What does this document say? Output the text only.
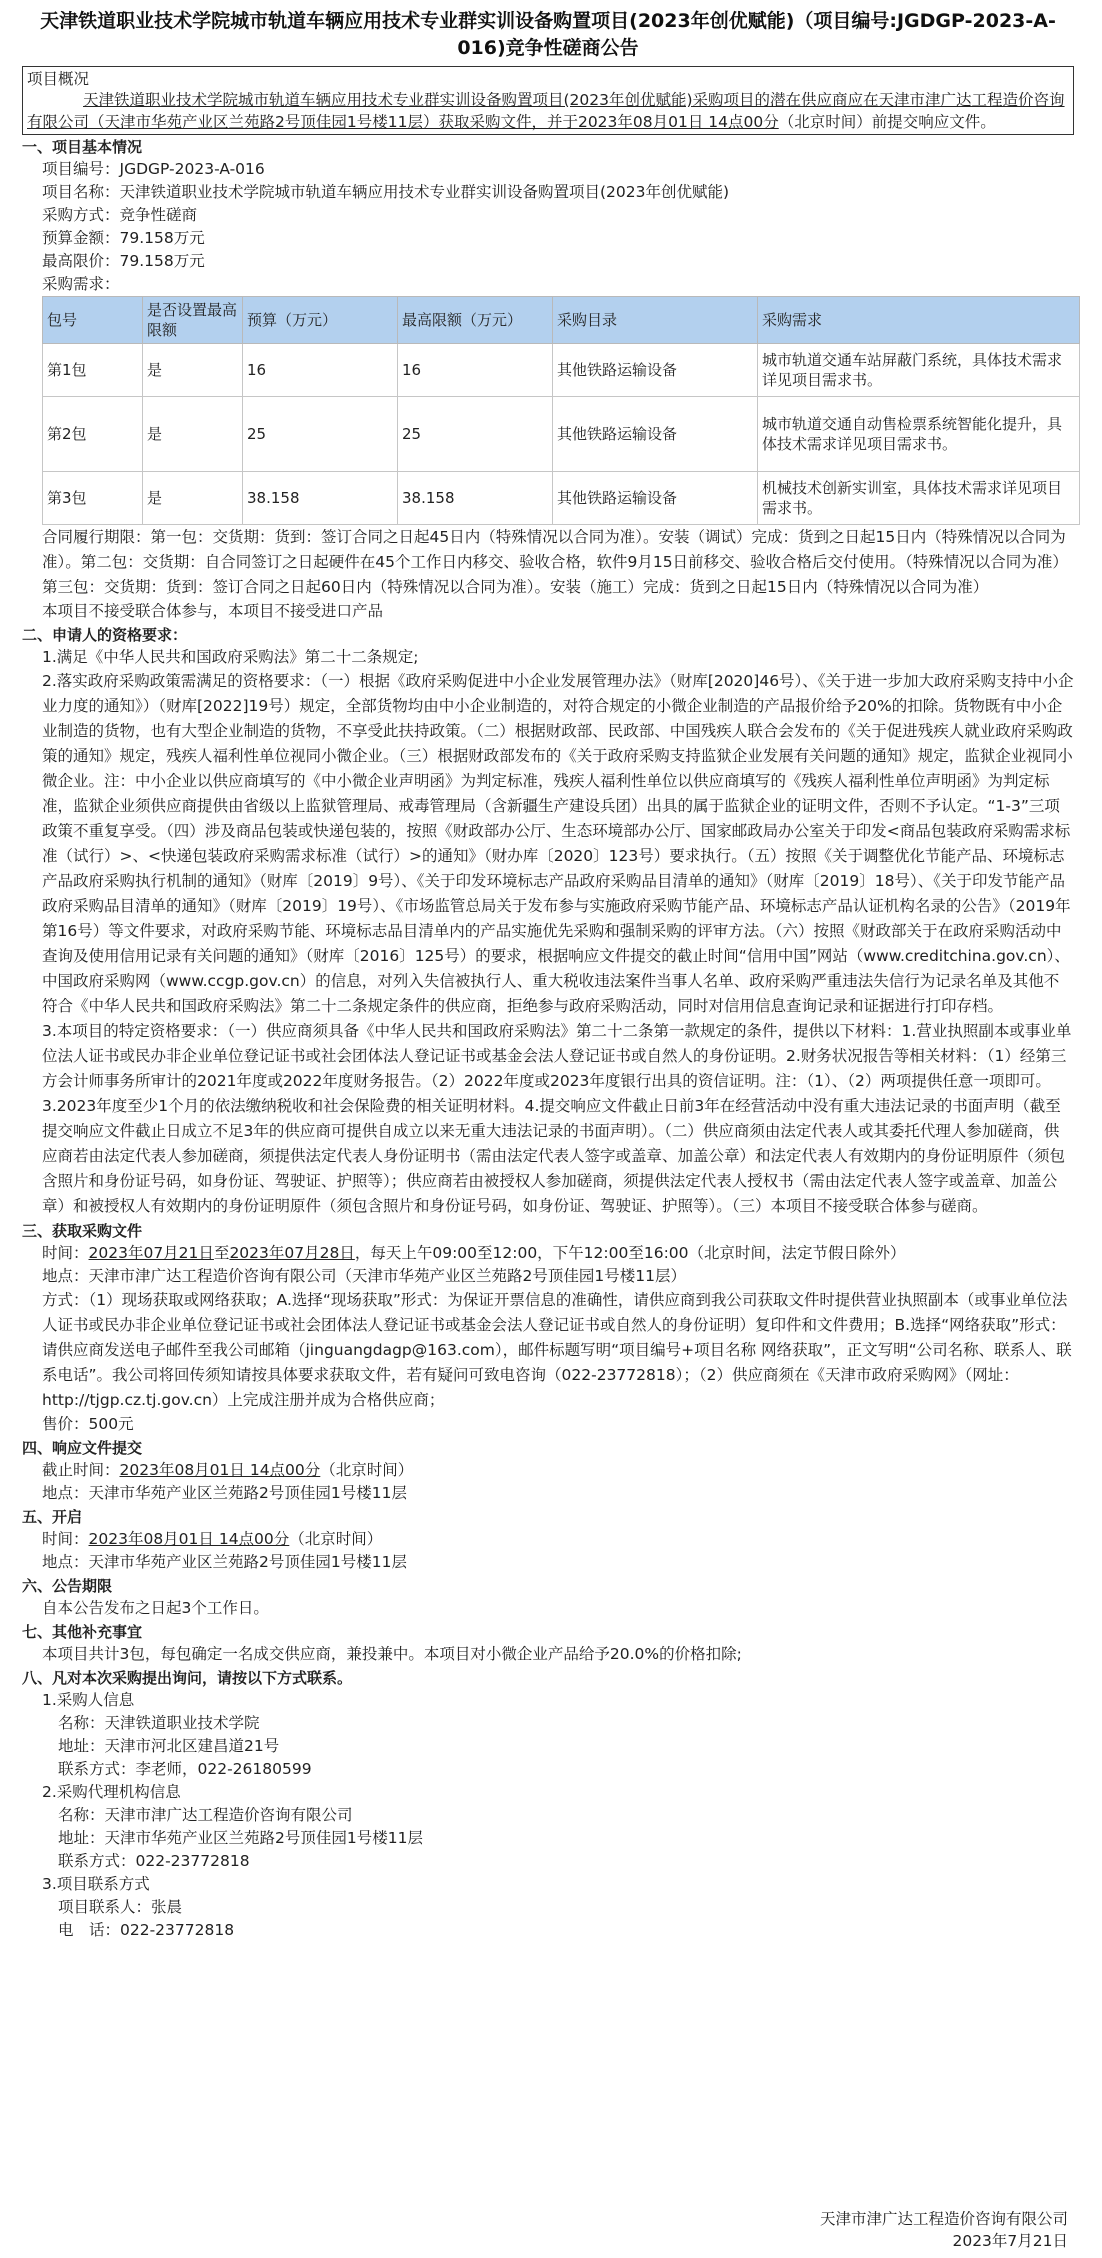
天津铁道职业技术学院城市轨道车辆应用技术专业群实训设备购置项目(2023年创优赋能)（项目编号:JGDGP-2023-A-016)竞争性磋商公告
项目概况
天津铁道职业技术学院城市轨道车辆应用技术专业群实训设备购置项目(2023年创优赋能)采购项目的潜在供应商应在天津市津广达工程造价咨询有限公司（天津市华苑产业区兰苑路2号顶佳园1号楼11层）获取采购文件，并于2023年08月01日 14点00分（北京时间）前提交响应文件。
一、项目基本情况
项目编号：JGDGP-2023-A-016
项目名称：天津铁道职业技术学院城市轨道车辆应用技术专业群实训设备购置项目(2023年创优赋能)
采购方式：竞争性磋商
预算金额：79.158万元
最高限价：79.158万元
采购需求：
包号	是否设置最高限额	预算（万元）	最高限额（万元）	采购目录	采购需求
第1包	是	16	16	其他铁路运输设备	城市轨道交通车站屏蔽门系统，具体技术需求详见项目需求书。
第2包	是	25	25	其他铁路运输设备	城市轨道交通自动售检票系统智能化提升，具体技术需求详见项目需求书。
第3包	是	38.158	38.158	其他铁路运输设备	机械技术创新实训室，具体技术需求详见项目需求书。

合同履行期限：第一包：交货期：货到：签订合同之日起45日内（特殊情况以合同为准）。安装（调试）完成：货到之日起15日内（特殊情况以合同为准）。第二包：交货期：自合同签订之日起硬件在45个工作日内移交、验收合格，软件9月15日前移交、验收合格后交付使用。（特殊情况以合同为准）第三包：交货期：货到：签订合同之日起60日内（特殊情况以合同为准）。安装（施工）完成：货到之日起15日内（特殊情况以合同为准）

本项目不接受联合体参与，本项目不接受进口产品

二、申请人的资格要求：

1.满足《中华人民共和国政府采购法》第二十二条规定;

2.落实政府采购政策需满足的资格要求：（一）根据《政府采购促进中小企业发展管理办法》（财库[2020]46号）、《关于进一步加大政府采购支持中小企业力度的通知》）（财库[2022]19号）规定，全部货物均由中小企业制造的，对符合规定的小微企业制造的产品报价给予20%的扣除。货物既有中小企业制造的货物，也有大型企业制造的货物，不享受此扶持政策。（二）根据财政部、民政部、中国残疾人联合会发布的《关于促进残疾人就业政府采购政策的通知》规定，残疾人福利性单位视同小微企业。（三）根据财政部发布的《关于政府采购支持监狱企业发展有关问题的通知》规定，监狱企业视同小微企业。注：中小企业以供应商填写的《中小微企业声明函》为判定标准，残疾人福利性单位以供应商填写的《残疾人福利性单位声明函》为判定标准，监狱企业须供应商提供由省级以上监狱管理局、戒毒管理局（含新疆生产建设兵团）出具的属于监狱企业的证明文件，否则不予认定。“1-3”三项政策不重复享受。（四）涉及商品包装或快递包装的，按照《财政部办公厅、生态环境部办公厅、国家邮政局办公室关于印发<商品包装政府采购需求标准（试行）>、<快递包装政府采购需求标准（试行）>的通知》（财办库〔2020〕123号）要求执行。（五）按照《关于调整优化节能产品、环境标志产品政府采购执行机制的通知》（财库〔2019〕9号）、《关于印发环境标志产品政府采购品目清单的通知》（财库〔2019〕18号）、《关于印发节能产品政府采购品目清单的通知》（财库〔2019〕19号）、《市场监管总局关于发布参与实施政府采购节能产品、环境标志产品认证机构名录的公告》（2019年第16号）等文件要求，对政府采购节能、环境标志品目清单内的产品实施优先采购和强制采购的评审方法。（六）按照《财政部关于在政府采购活动中查询及使用信用记录有关问题的通知》（财库〔2016〕125号）的要求，根据响应文件提交的截止时间“信用中国”网站（www.creditchina.gov.cn）、中国政府采购网（www.ccgp.gov.cn）的信息，对列入失信被执行人、重大税收违法案件当事人名单、政府采购严重违法失信行为记录名单及其他不符合《中华人民共和国政府采购法》第二十二条规定条件的供应商，拒绝参与政府采购活动，同时对信用信息查询记录和证据进行打印存档。

3.本项目的特定资格要求：（一）供应商须具备《中华人民共和国政府采购法》第二十二条第一款规定的条件，提供以下材料：1.营业执照副本或事业单位法人证书或民办非企业单位登记证书或社会团体法人登记证书或基金会法人登记证书或自然人的身份证明。2.财务状况报告等相关材料：（1）经第三方会计师事务所审计的2021年度或2022年度财务报告。（2）2022年度或2023年度银行出具的资信证明。注：（1）、（2）两项提供任意一项即可。3.2023年度至少1个月的依法缴纳税收和社会保险费的相关证明材料。4.提交响应文件截止日前3年在经营活动中没有重大违法记录的书面声明（截至提交响应文件截止日成立不足3年的供应商可提供自成立以来无重大违法记录的书面声明）。（二）供应商须由法定代表人或其委托代理人参加磋商，供应商若由法定代表人参加磋商，须提供法定代表人身份证明书（需由法定代表人签字或盖章、加盖公章）和法定代表人有效期内的身份证明原件（须包含照片和身份证号码，如身份证、驾驶证、护照等）；供应商若由被授权人参加磋商，须提供法定代表人授权书（需由法定代表人签字或盖章、加盖公章）和被授权人有效期内的身份证明原件（须包含照片和身份证号码，如身份证、驾驶证、护照等）。（三）本项目不接受联合体参与磋商。

三、获取采购文件

时间：2023年07月21日至2023年07月28日，每天上午09:00至12:00，下午12:00至16:00（北京时间，法定节假日除外）

地点：天津市津广达工程造价咨询有限公司（天津市华苑产业区兰苑路2号顶佳园1号楼11层）

方式：（1）现场获取或网络获取；A.选择“现场获取”形式：为保证开票信息的准确性，请供应商到我公司获取文件时提供营业执照副本（或事业单位法人证书或民办非企业单位登记证书或社会团体法人登记证书或基金会法人登记证书或自然人的身份证明）复印件和文件费用；B.选择“网络获取”形式：请供应商发送电子邮件至我公司邮箱（jinguangdagp@163.com），邮件标题写明“项目编号+项目名称 网络获取”，正文写明“公司名称、联系人、联系电话”。我公司将回传须知请按具体要求获取文件，若有疑问可致电咨询（022-23772818）；（2）供应商须在《天津市政府采购网》（网址：http://tjgp.cz.tj.gov.cn）上完成注册并成为合格供应商；

售价：500元

四、响应文件提交

截止时间：2023年08月01日 14点00分（北京时间）

地点：天津市华苑产业区兰苑路2号顶佳园1号楼11层

五、开启

时间：2023年08月01日 14点00分（北京时间）

地点：天津市华苑产业区兰苑路2号顶佳园1号楼11层

六、公告期限

自本公告发布之日起3个工作日。

七、其他补充事宜

本项目共计3包，每包确定一名成交供应商，兼投兼中。本项目对小微企业产品给予20.0%的价格扣除;

八、凡对本次采购提出询问，请按以下方式联系。

1.采购人信息

名称：天津铁道职业技术学院

地址：天津市河北区建昌道21号

联系方式：李老师，022-26180599

2.采购代理机构信息

名称：天津市津广达工程造价咨询有限公司

地址：天津市华苑产业区兰苑路2号顶佳园1号楼11层

联系方式：022-23772818

3.项目联系方式

项目联系人：张晨

电　话：022-23772818

天津市津广达工程造价咨询有限公司
2023年7月21日
